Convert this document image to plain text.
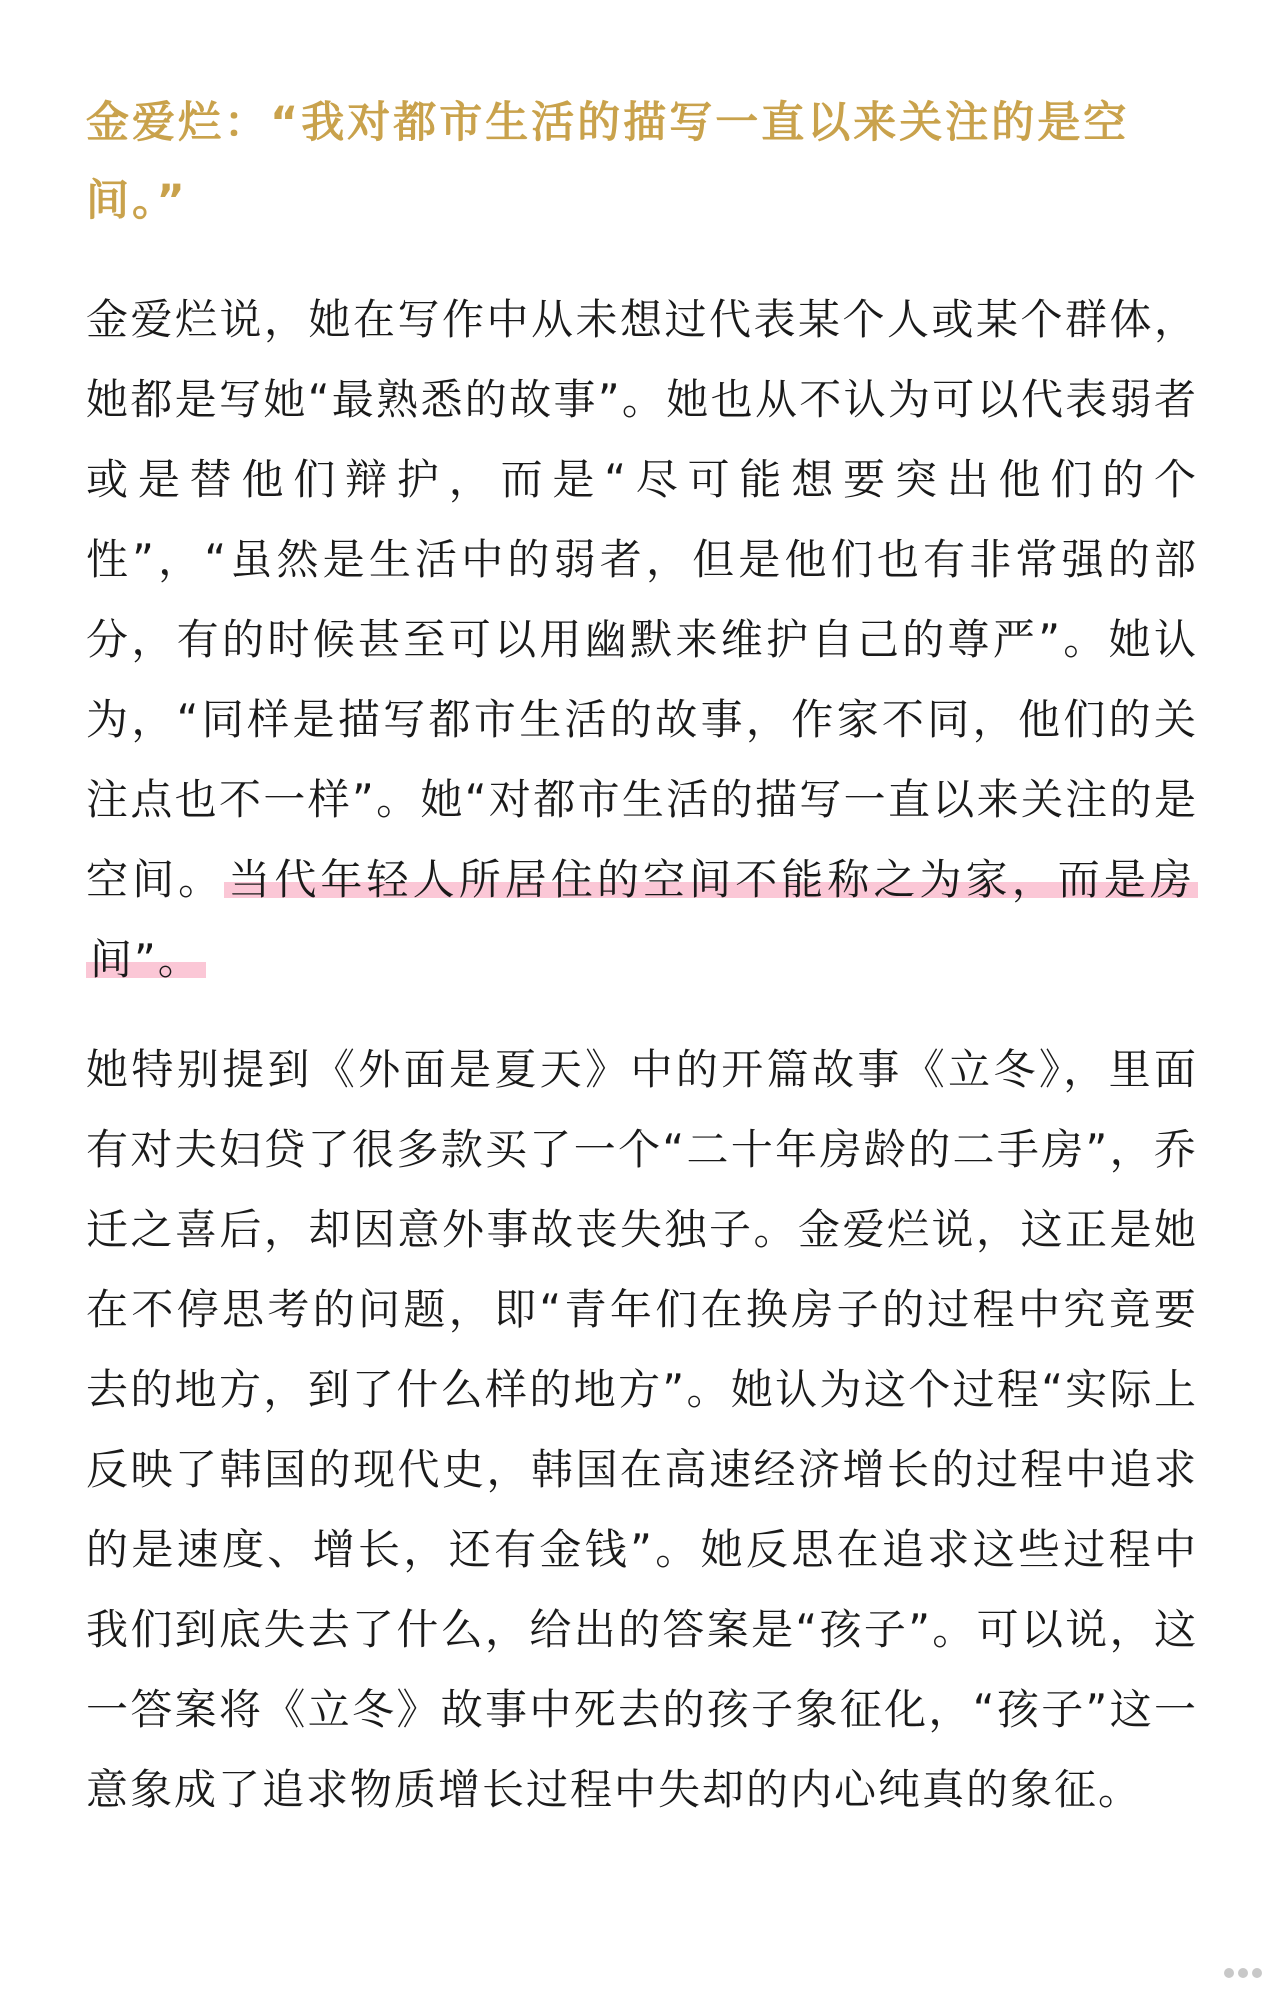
金爱烂：“我对都市生活的描写一直以来关注的是空间。”

金爱烂说，她在写作中从未想过代表某个人或某个群体，她都是写她“最熟悉的故事”。她也从不认为可以代表弱者或是替他们辩护，而是“尽可能想要突出他们的个性”，“虽然是生活中的弱者，但是他们也有非常强的部分，有的时候甚至可以用幽默来维护自己的尊严”。她认为，“同样是描写都市生活的故事，作家不同，他们的关注点也不一样”。她“对都市生活的描写一直以来关注的是空间。当代年轻人所居住的空间不能称之为家，而是房间”。

她特别提到《外面是夏天》中的开篇故事《立冬》，里面有对夫妇贷了很多款买了一个“二十年房龄的二手房”，乔迁之喜后，却因意外事故丧失独子。金爱烂说，这正是她在不停思考的问题，即“青年们在换房子的过程中究竟要去的地方，到了什么样的地方”。她认为这个过程“实际上反映了韩国的现代史，韩国在高速经济增长的过程中追求的是速度、增长，还有金钱”。她反思在追求这些过程中我们到底失去了什么，给出的答案是“孩子”。可以说，这一答案将《立冬》故事中死去的孩子象征化，“孩子”这一意象成了追求物质增长过程中失却的内心纯真的象征。
